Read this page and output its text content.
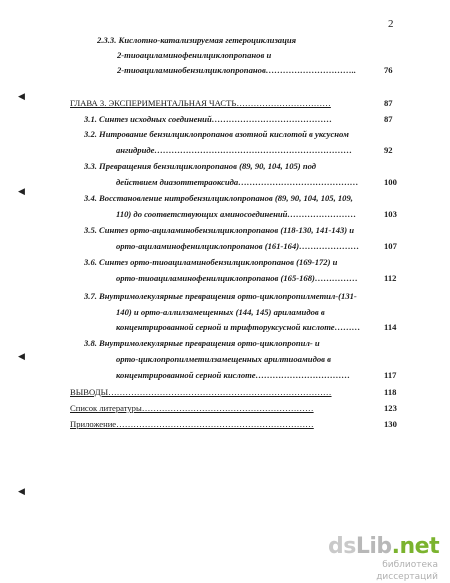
2
2.3.3. Кислотно-катализируемая гетероциклизация
2-тиоациламинофенилциклопропанов и
2-тиоациламинобензилциклопропанов…………………………..	76
ГЛАВА 3. ЭКСПЕРИМЕНТАЛЬНАЯ ЧАСТЬ……………………………	87
3.1. Синтез исходных соединений……………………………………	87
3.2. Нитрование бензилциклопропанов азотной кислотой в уксусном
ангидриде……………………………………………………………	92
3.3. Превращения бензилциклопропанов (89, 90, 104, 105) под
действием диазоттетраоксида……………………………………	100
3.4. Восстановление нитробензилциклопропанов (89, 90, 104, 105, 109,
110) до соответствующих аминосоединений……………………	103
3.5. Синтез орто-ациламинобензилциклопропанов (118-130, 141-143) и
орто-ациламинофенилциклопропанов (161-164)…………………	107
3.6. Синтез орто-тиоациламинобензилциклопропанов (169-172) и
орто-тиоациламинофенилциклопропанов (165-168)……………	112
3.7. Внутримолекулярные превращения орто-циклопропилметил-(131-
140) и орто-аллилзамещенных (144, 145) ариламидов в
концентрированной серной и трифторуксусной кислоте………	114
3.8. Внутримолекулярные превращения орто-циклопропил- и
орто-циклопропилметилзамещенных арилтиоамидов в
концентрированной серной кислоте……………………………	117
ВЫВОДЫ……………………………………………………………………	118
Список литературы……………………………………………………	123
Приложение……………………………………………………………	130
◀
◀
◀
◀
dsLib.net
библиотека диссертаций
